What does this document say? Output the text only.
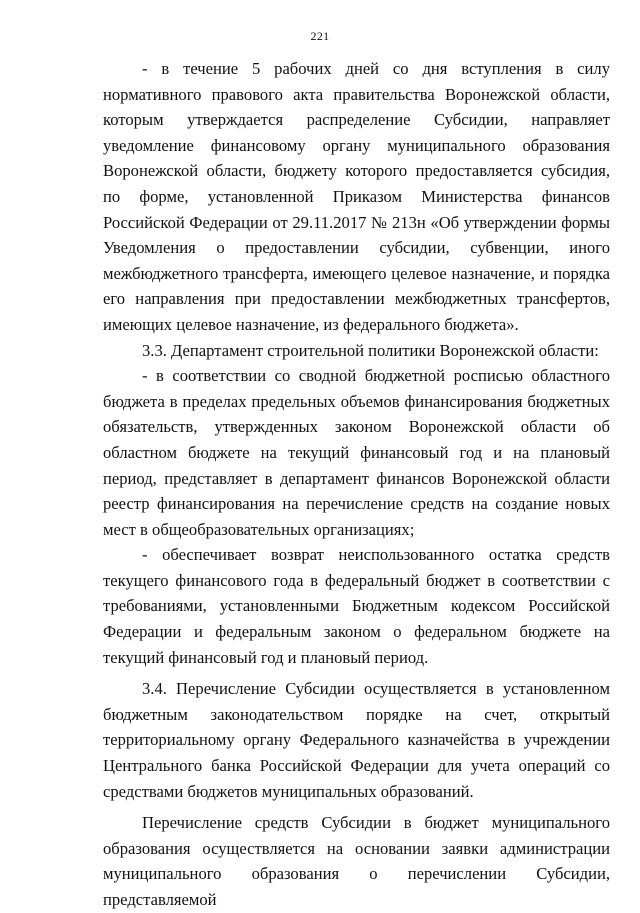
221

- в течение 5 рабочих дней со дня вступления в силу нормативного правового акта правительства Воронежской области, которым утверждается распределение Субсидии, направляет уведомление финансовому органу муниципального образования Воронежской области, бюджету которого предоставляется субсидия, по форме, установленной Приказом Министерства финансов Российской Федерации от 29.11.2017 № 213н «Об утверждении формы Уведомления о предоставлении субсидии, субвенции, иного межбюджетного трансферта, имеющего целевое назначение, и порядка его направления при предоставлении межбюджетных трансфертов, имеющих целевое назначение, из федерального бюджета».

3.3. Департамент строительной политики Воронежской области:

- в соответствии со сводной бюджетной росписью областного бюджета в пределах предельных объемов финансирования бюджетных обязательств, утвержденных законом Воронежской области об областном бюджете на текущий финансовый год и на плановый период, представляет в департамент финансов Воронежской области реестр финансирования на перечисление средств на создание новых мест в общеобразовательных организациях;

- обеспечивает возврат неиспользованного остатка средств текущего финансового года в федеральный бюджет в соответствии с требованиями, установленными Бюджетным кодексом Российской Федерации и федеральным законом о федеральном бюджете на текущий финансовый год и плановый период.

3.4. Перечисление Субсидии осуществляется в установленном бюджетным законодательством порядке на счет, открытый территориальному органу Федерального казначейства в учреждении Центрального банка Российской Федерации для учета операций со средствами бюджетов муниципальных образований.

Перечисление средств Субсидии в бюджет муниципального образования осуществляется на основании заявки администрации муниципального образования о перечислении Субсидии, представляемой
